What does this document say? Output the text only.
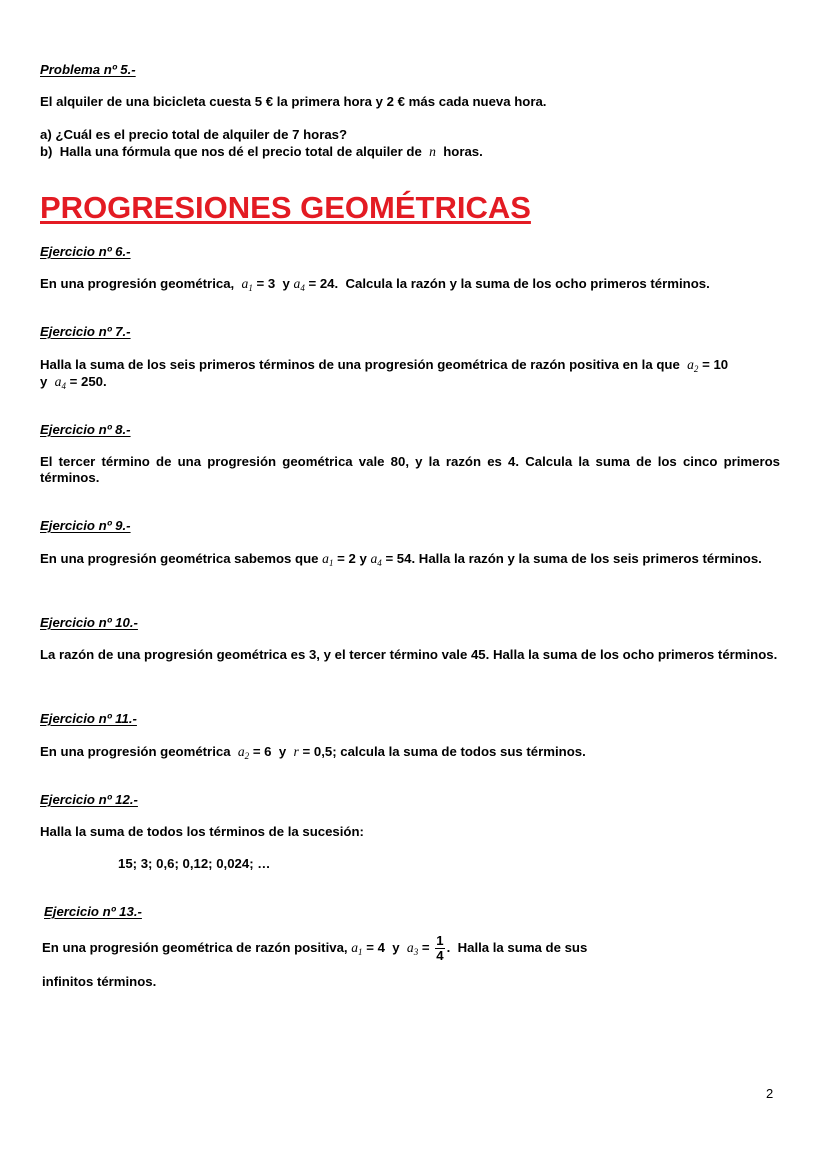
Problema nº 5.-
El alquiler de una bicicleta cuesta 5 € la primera hora y 2 € más cada nueva hora.
a) ¿Cuál es el precio total de alquiler de 7 horas?
b)  Halla una fórmula que nos dé el precio total de alquiler de  n  horas.
PROGRESIONES GEOMÉTRICAS
Ejercicio nº 6.-
En una progresión geométrica,  $a_1 = 3$  y $a_4 = 24$.  Calcula la razón y la suma de los ocho primeros términos.
Ejercicio nº 7.-
Halla la suma de los seis primeros términos de una progresión geométrica de razón positiva en la que  $a_2 = 10$
y  $a_4 = 250$.
Ejercicio nº 8.-
El tercer término de una progresión geométrica vale 80, y la razón es 4. Calcula la suma de los cinco primeros términos.
Ejercicio nº 9.-
En una progresión geométrica sabemos que $a_1 = 2$ y $a_4 = 54$. Halla la razón y la suma de los seis primeros términos.
Ejercicio nº 10.-
La razón de una progresión geométrica es 3, y el tercer término vale 45. Halla la suma de los ocho primeros términos.
Ejercicio nº 11.-
En una progresión geométrica  $a_2 = 6$  y  r = 0,5; calcula la suma de todos sus términos.
Ejercicio nº 12.-
Halla la suma de todos los términos de la sucesión:
15; 3; 0,6; 0,12; 0,024; …
Ejercicio nº 13.-
En una progresión geométrica de razón positiva, $a_1 = 4$  y  $a_3 = \frac{1}{4}$ .  Halla la suma de sus
infinitos términos.
2
